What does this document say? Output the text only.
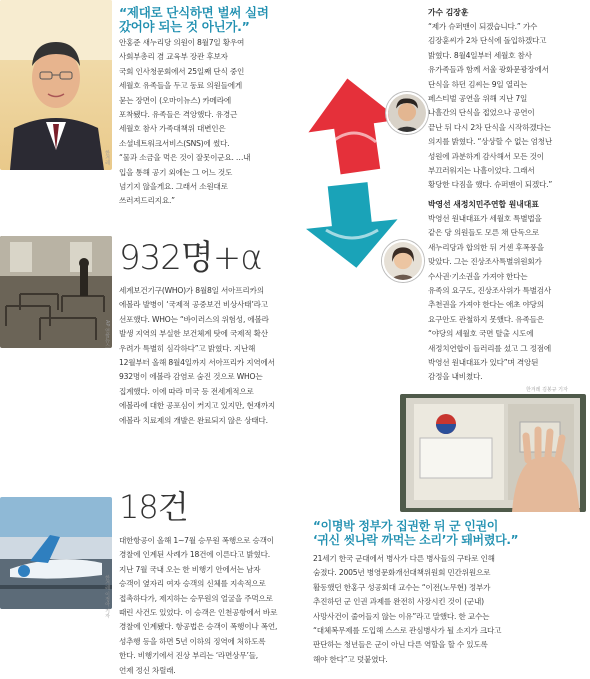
한겨레
“제대로 단식하면 벌써 실려
갔어야 되는 것 아닌가.”
안홍준 새누리당 의원이 8월7일 황우여
사회부총리 겸 교육부 장관 후보자
국회 인사청문회에서 25일째 단식 중인
세월호 유족들을 두고 동료 의원들에게
묻는 장면이 (오마이뉴스) 카메라에
포착됐다. 유족들은 격앙했다. 유경근
세월호 참사 가족대책위 대변인은
소셜네트워크서비스(SNS)에 썼다.
“물과 소금을 먹은 것이 잘못이군요. …내
입을 통해 공기 외에는 그 어느 것도
넘기지 않을게요. 그래서 소원대로
쓰러져드리지요.”
AP 연합뉴스
932명+α
세계보건기구(WHO)가 8월8일 서아프리카의
에볼라 발병이 ‘국제적 공중보건 비상사태’라고
선포했다. WHO는 “바이러스의 위험성, 에볼라
발생 지역의 부실한 보건체계 탓에 국제적 확산
우려가 특별히 심각하다”고 밝혔다. 지난해
12월부터 올해 8월4일까지 서아프리카 지역에서
932명이 에볼라 감염로 숨진 것으로 WHO는
집계했다. 이에 따라 미국 등 전세계적으로
에볼라에 대한 공포심이 커지고 있지만, 현재까지
에볼라 치료제의 개발은 완료되지 않은 상태다.
한겨레 이정아 기자
18건
대한항공이 올해 1~7월 승무원 폭행으로 승객이
경찰에 인계된 사례가 18건에 이른다고 밝혔다.
지난 7월 국내 오는 한 비행기 안에서는 남자
승객이 옆자리 여자 승객의 신체를 지속적으로
접촉하다가, 제지하는 승무원의 얼굴을 주먹으로
때린 사건도 있었다. 이 승객은 인천공항에서 바로
경찰에 인계됐다. 항공법은 승객이 폭행이나 폭언,
성추행 등을 하면 5년 이하의 징역에 처하도록
한다. 비행기에서 진상 부리는 ‘라면상무’들,
언제 정신 차릴래.
가수 김장훈
“제가 슈퍼맨이 되겠습니다.” 가수
김장훈씨가 2차 단식에 돌입하겠다고
밝혔다. 8월4일부터 세월호 참사
유가족들과 함께 서울 광화문광장에서
단식을 하던 김씨는 9일 열리는
페스티벌 공연을 위해 지난 7일
나흘간의 단식을 접었으나 공연이
끝난 뒤 다시 2차 단식을 시작하겠다는
의지를 밝혔다. “상상할 수 없는 엄청난
성원에 과분하게 감사해서 모든 것이
부끄러워지는 나흘이었다. 그래서
황당한 다짐을 했다. 슈퍼맨이 되겠다.”
박영선 새정치민주연합 원내대표
박영선 원내대표가 세월호 특별법을
같은 당 의원들도 모른 채 단독으로
새누리당과 합의한 뒤 거센 후폭풍을
맞았다. 그는 진상조사특별위원회가
수사권·기소권을 가져야 한다는
유족의 요구도, 진상조사위가 특별검사
추천권을 가져야 한다는 애초 야당의
요구안도 관철하지 못했다. 유족들은
“야당의 세월호 국면 탈출 시도에
새정치연합이 들러리를 섰고 그 정점에
박영선 원내대표가 있다”며 격앙된
감정을 내비쳤다.
한겨레 김봉규 기자
“이명박 정부가 집권한 뒤 군 인권이
‘귀신 씻나락 까먹는 소리’가 돼버렸다.”
21세기 한국 군대에서 병사가 다른 병사들의 구타로 인해
숨졌다. 2005년 병영문화개선대책위원회 민간위원으로
활동했던 한홍구 성공회대 교수는 “이전(노무현) 정부가
추진하던 군 인권 과제를 완전히 사장시킨 것이 (군내)
사망사건이 줄어들지 않는 이유”라고 말했다. 한 교수는
“대체복무제를 도입해 스스로 관심병사가 될 소지가 크다고
판단하는 청년들은 군이 아닌 다른 역할을 할 수 있도록
해야 한다”고 덧붙였다.
